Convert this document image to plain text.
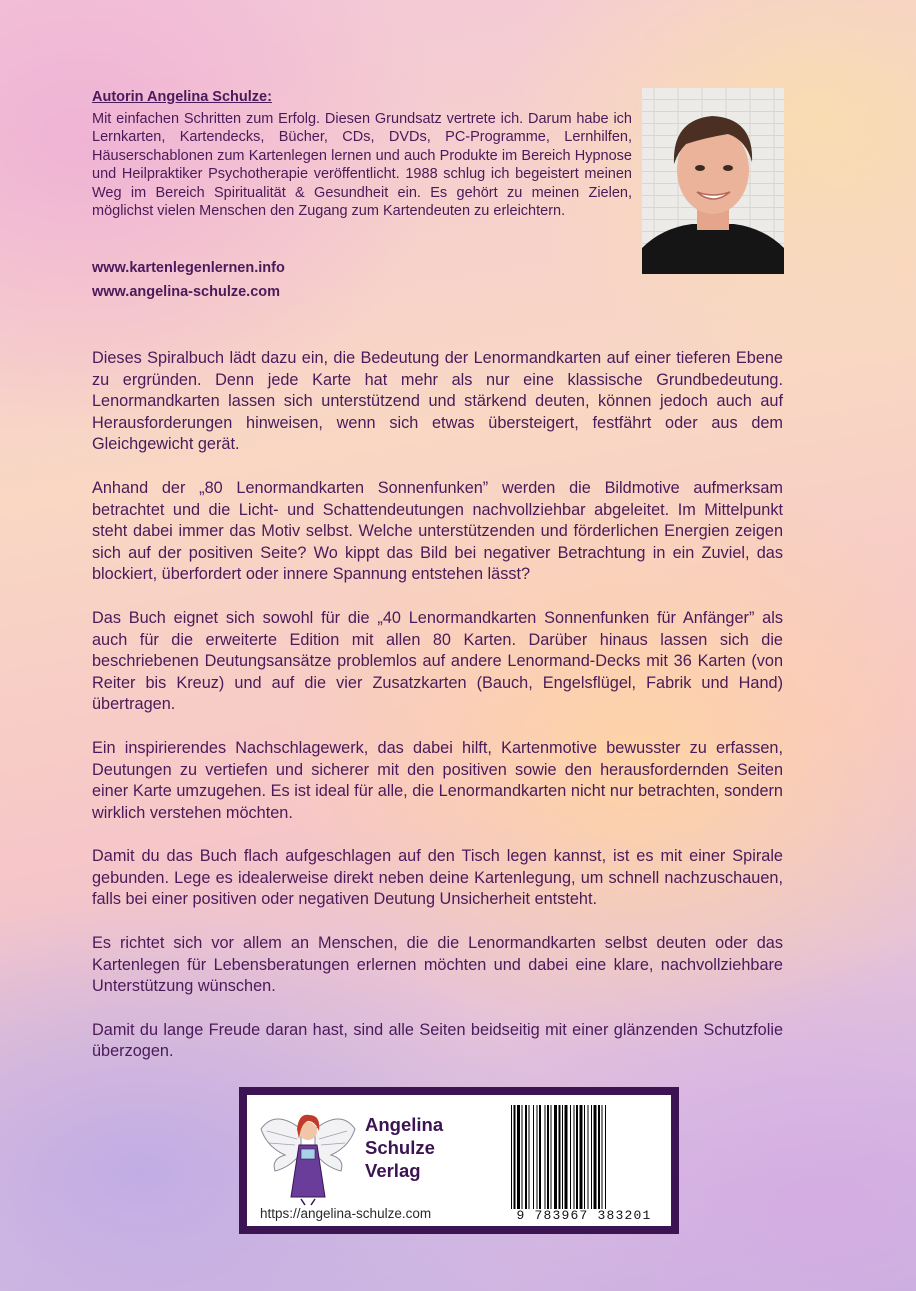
Autorin Angelina Schulze:

Mit einfachen Schritten zum Erfolg. Diesen Grundsatz vertrete ich. Darum habe ich Lernkarten, Kartendecks, Bücher, CDs, DVDs, PC-Programme, Lernhilfen, Häuserschablonen zum Kartenlegen lernen und auch Produkte im Bereich Hypnose und Heilpraktiker Psychotherapie veröffentlicht. 1988 schlug ich begeistert meinen Weg im Bereich Spiritualität & Gesundheit ein. Es gehört zu meinen Zielen, möglichst vielen Menschen den Zugang zum Kartendeuten zu erleichtern.

www.kartenlegenlernen.info
www.angelina-schulze.com

Dieses Spiralbuch lädt dazu ein, die Bedeutung der Lenormandkarten auf einer tieferen Ebene zu ergründen. Denn jede Karte hat mehr als nur eine klassische Grundbedeutung. Lenormandkarten lassen sich unterstützend und stärkend deuten, können jedoch auch auf Herausforderungen hinweisen, wenn sich etwas übersteigert, festfährt oder aus dem Gleichgewicht gerät.

Anhand der „80 Lenormandkarten Sonnenfunken” werden die Bildmotive aufmerksam betrachtet und die Licht- und Schattendeutungen nachvollziehbar abgeleitet. Im Mittelpunkt steht dabei immer das Motiv selbst. Welche unterstützenden und förderlichen Energien zeigen sich auf der positiven Seite? Wo kippt das Bild bei negativer Betrachtung in ein Zuviel, das blockiert, überfordert oder innere Spannung entstehen lässt?

Das Buch eignet sich sowohl für die „40 Lenormandkarten Sonnenfunken für Anfänger” als auch für die erweiterte Edition mit allen 80 Karten. Darüber hinaus lassen sich die beschriebenen Deutungsansätze problemlos auf andere Lenormand-Decks mit 36 Karten (von Reiter bis Kreuz) und auf die vier Zusatzkarten (Bauch, Engelsflügel, Fabrik und Hand) übertragen.

Ein inspirierendes Nachschlagewerk, das dabei hilft, Kartenmotive bewusster zu erfassen, Deutungen zu vertiefen und sicherer mit den positiven sowie den herausfordernden Seiten einer Karte umzugehen. Es ist ideal für alle, die Lenormandkarten nicht nur betrachten, sondern wirklich verstehen möchten.

Damit du das Buch flach aufgeschlagen auf den Tisch legen kannst, ist es mit einer Spirale gebunden. Lege es idealerweise direkt neben deine Kartenlegung, um schnell nachzuschauen, falls bei einer positiven oder negativen Deutung Unsicherheit entsteht.

Es richtet sich vor allem an Menschen, die die Lenormandkarten selbst deuten oder das Kartenlegen für Lebensberatungen erlernen möchten und dabei eine klare, nachvollziehbare Unterstützung wünschen.

Damit du lange Freude daran hast, sind alle Seiten beidseitig mit einer glänzenden Schutzfolie überzogen.

Angelina
Schulze
Verlag
https://angelina-schulze.com	9 783967 383201
